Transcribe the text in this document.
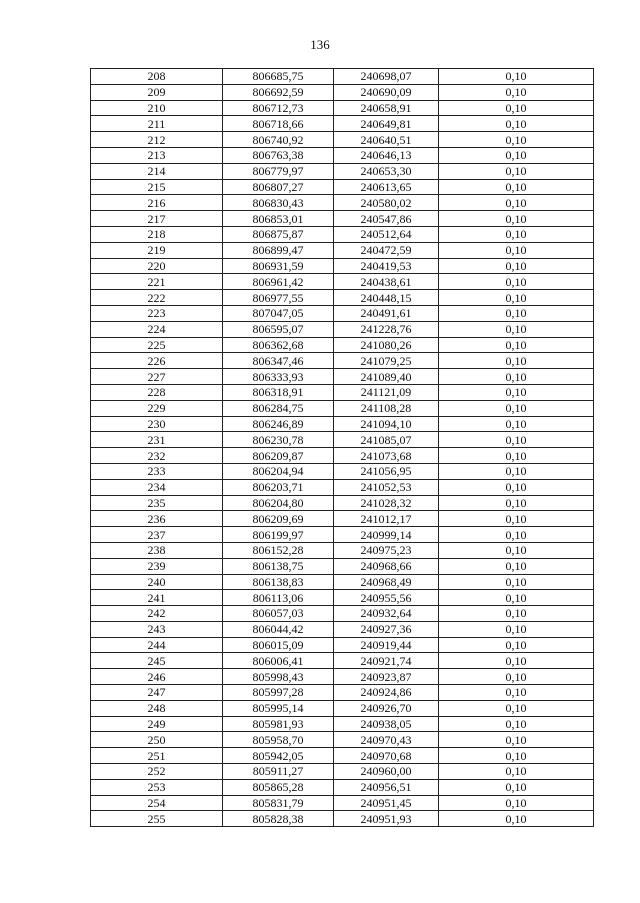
136
208	806685,75	240698,07	0,10
209	806692,59	240690,09	0,10
210	806712,73	240658,91	0,10
211	806718,66	240649,81	0,10
212	806740,92	240640,51	0,10
213	806763,38	240646,13	0,10
214	806779,97	240653,30	0,10
215	806807,27	240613,65	0,10
216	806830,43	240580,02	0,10
217	806853,01	240547,86	0,10
218	806875,87	240512,64	0,10
219	806899,47	240472,59	0,10
220	806931,59	240419,53	0,10
221	806961,42	240438,61	0,10
222	806977,55	240448,15	0,10
223	807047,05	240491,61	0,10
224	806595,07	241228,76	0,10
225	806362,68	241080,26	0,10
226	806347,46	241079,25	0,10
227	806333,93	241089,40	0,10
228	806318,91	241121,09	0,10
229	806284,75	241108,28	0,10
230	806246,89	241094,10	0,10
231	806230,78	241085,07	0,10
232	806209,87	241073,68	0,10
233	806204,94	241056,95	0,10
234	806203,71	241052,53	0,10
235	806204,80	241028,32	0,10
236	806209,69	241012,17	0,10
237	806199,97	240999,14	0,10
238	806152,28	240975,23	0,10
239	806138,75	240968,66	0,10
240	806138,83	240968,49	0,10
241	806113,06	240955,56	0,10
242	806057,03	240932,64	0,10
243	806044,42	240927,36	0,10
244	806015,09	240919,44	0,10
245	806006,41	240921,74	0,10
246	805998,43	240923,87	0,10
247	805997,28	240924,86	0,10
248	805995,14	240926,70	0,10
249	805981,93	240938,05	0,10
250	805958,70	240970,43	0,10
251	805942,05	240970,68	0,10
252	805911,27	240960,00	0,10
253	805865,28	240956,51	0,10
254	805831,79	240951,45	0,10
255	805828,38	240951,93	0,10
